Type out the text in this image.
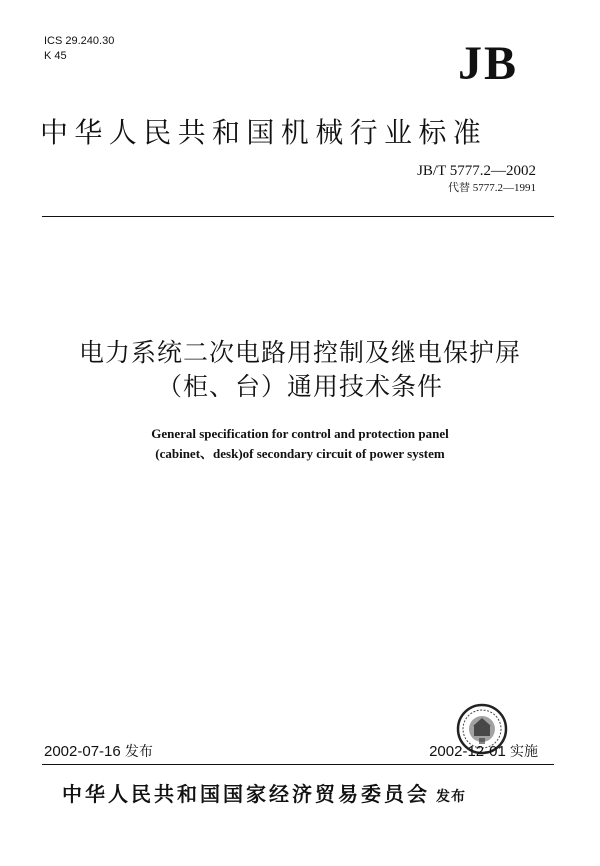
ICS 29.240.30
K 45	JB
中华人民共和国机械行业标准
JB/T 5777.2—2002
代替 5777.2—1991
电力系统二次电路用控制及继电保护屏
（柜、台）通用技术条件
General specification for control and protection panel
(cabinet、desk)of secondary circuit of power system
2002-07-16 发布	2002-12-01 实施
中华人民共和国国家经济贸易委员会 发布
